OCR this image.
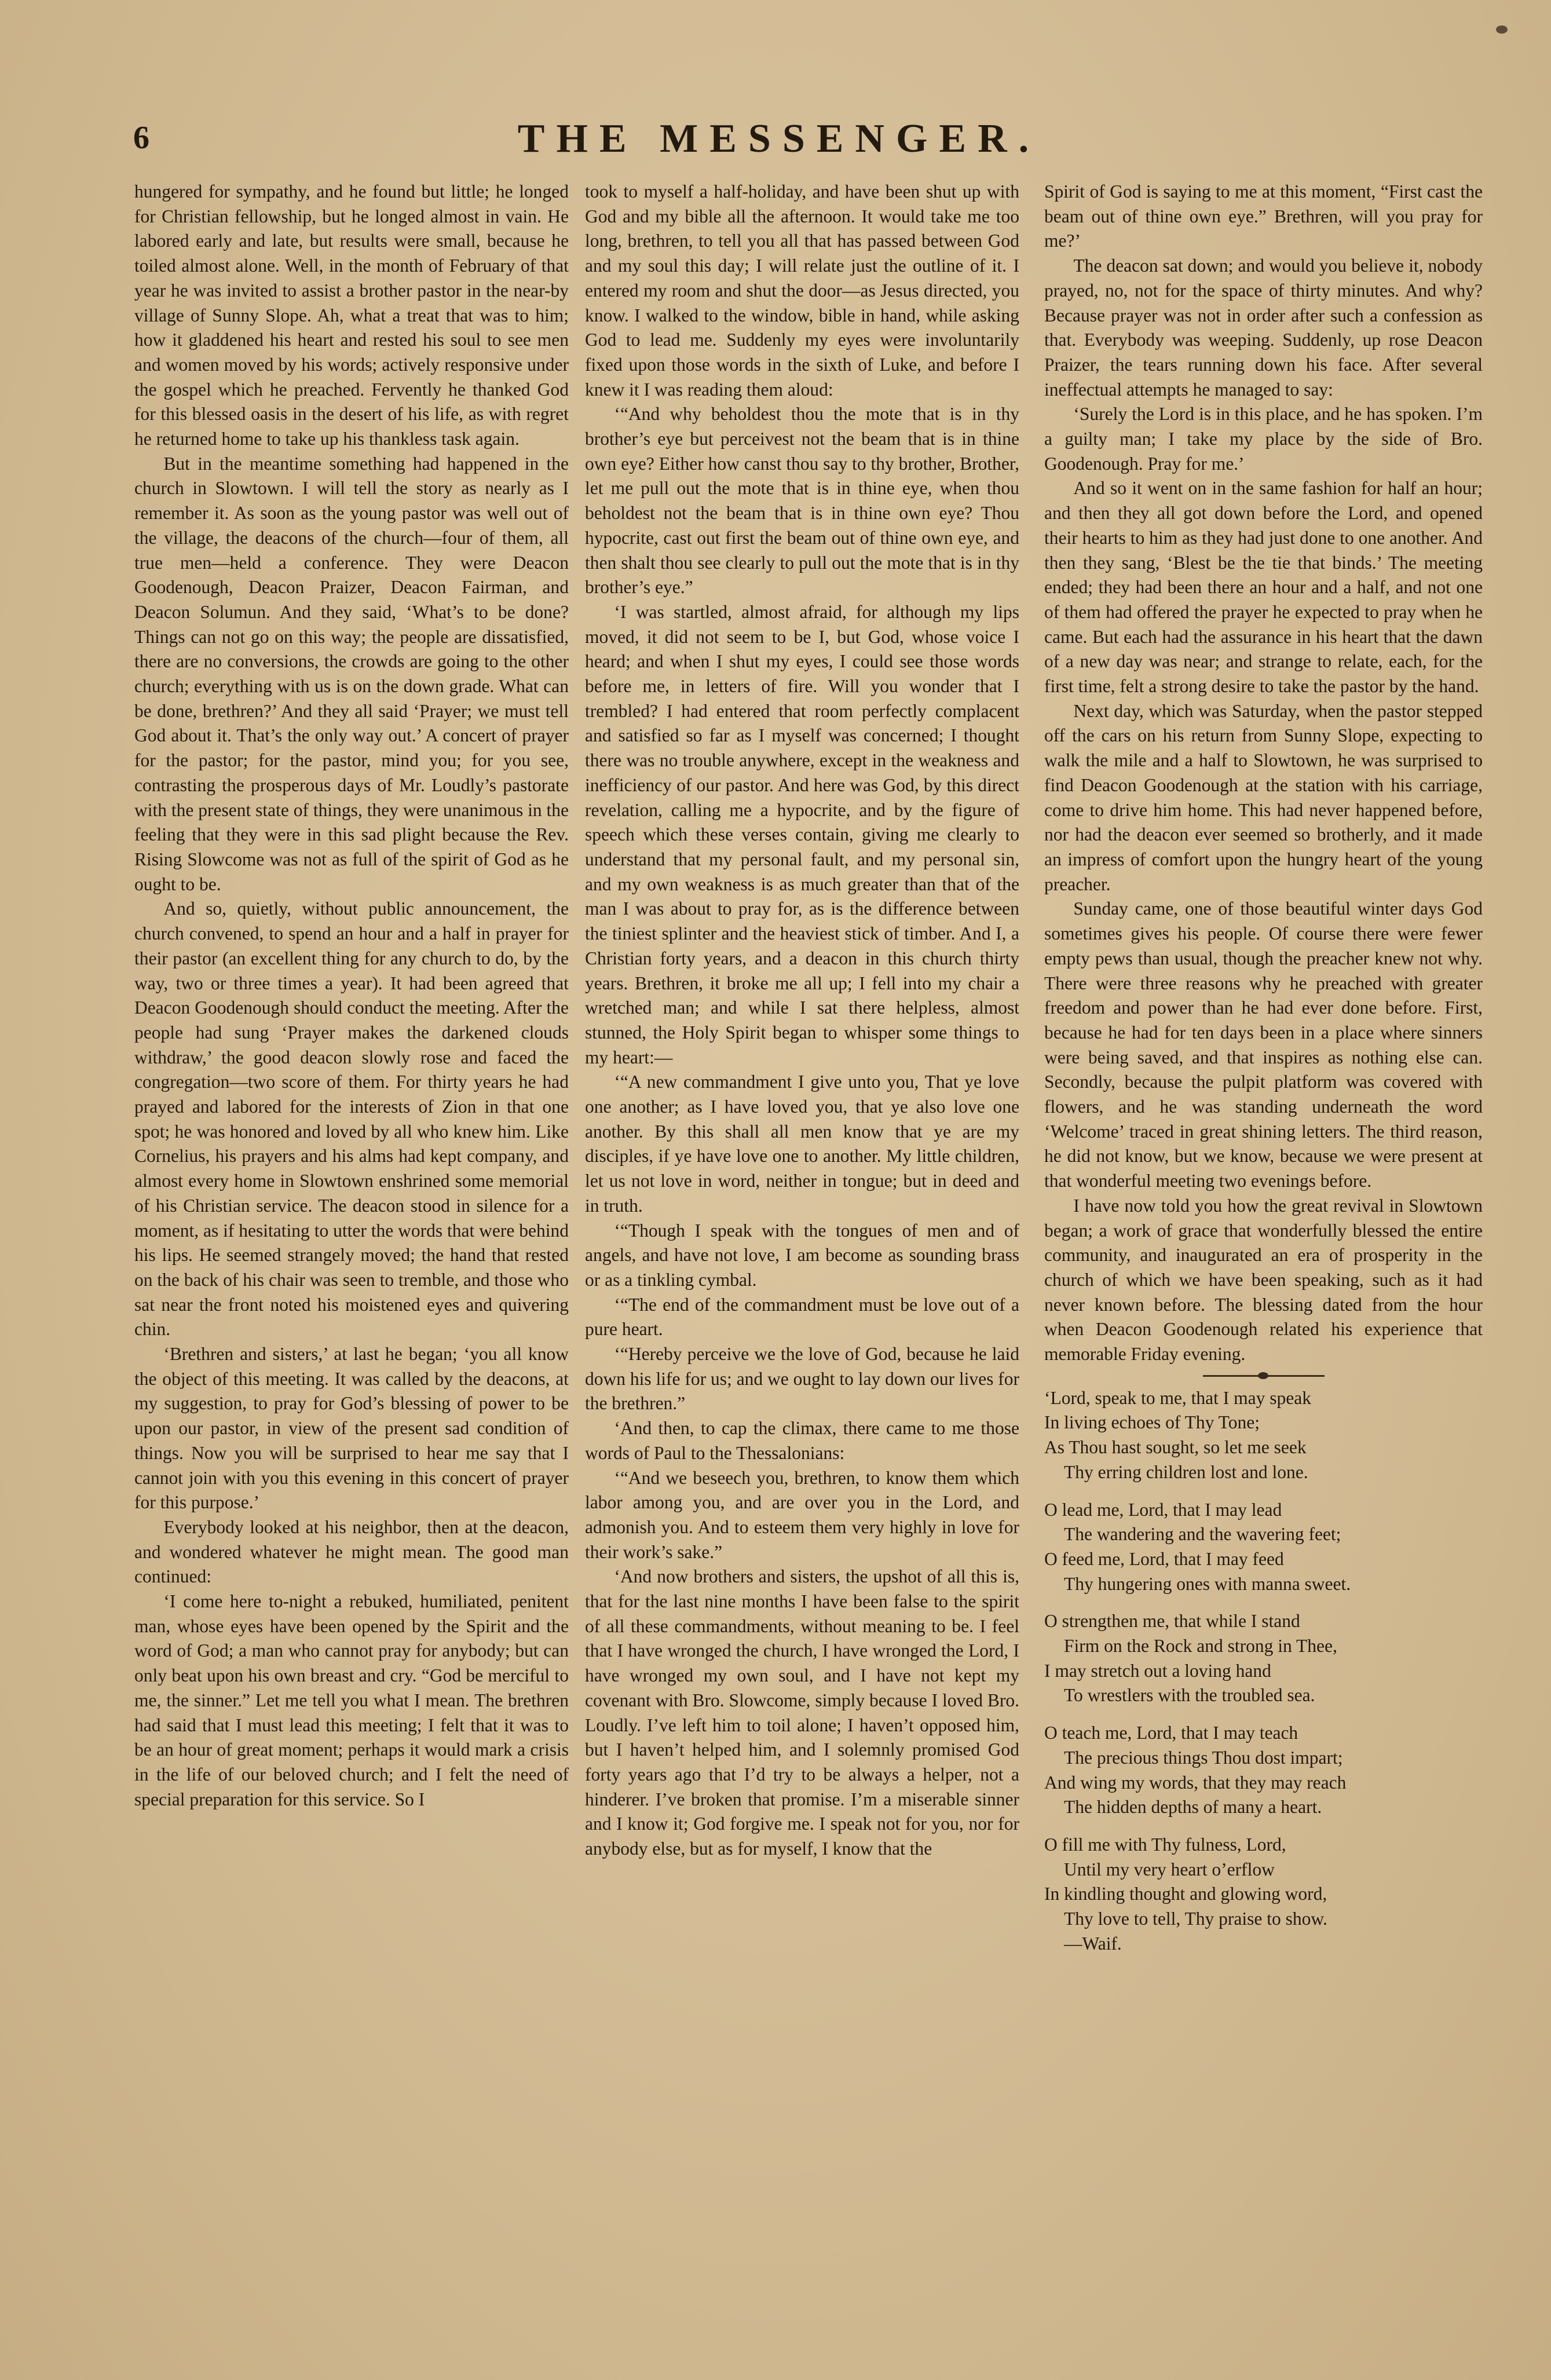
6	THE MESSENGER.

hungered for sympathy, and he found but little; he longed for Christian fellowship, but he longed almost in vain. He labored early and late, but results were small, because he toiled almost alone. Well, in the month of February of that year he was invited to assist a brother pastor in the near-by village of Sunny Slope. Ah, what a treat that was to him; how it gladdened his heart and rested his soul to see men and women moved by his words; actively responsive under the gospel which he preached. Fervently he thanked God for this blessed oasis in the desert of his life, as with regret he returned home to take up his thankless task again.

But in the meantime something had happened in the church in Slowtown. I will tell the story as nearly as I remember it. As soon as the young pastor was well out of the village, the deacons of the church—four of them, all true men—held a conference. They were Deacon Goodenough, Deacon Praizer, Deacon Fairman, and Deacon Solumun. And they said, ‘What’s to be done? Things can not go on this way; the people are dissatisfied, there are no conversions, the crowds are going to the other church; everything with us is on the down grade. What can be done, brethren?’ And they all said ‘Prayer; we must tell God about it. That’s the only way out.’ A concert of prayer for the pastor; for the pastor, mind you; for you see, contrasting the prosperous days of Mr. Loudly’s pastorate with the present state of things, they were unanimous in the feeling that they were in this sad plight because the Rev. Rising Slowcome was not as full of the spirit of God as he ought to be.

And so, quietly, without public announcement, the church convened, to spend an hour and a half in prayer for their pastor (an excellent thing for any church to do, by the way, two or three times a year). It had been agreed that Deacon Goodenough should conduct the meeting. After the people had sung ‘Prayer makes the darkened clouds withdraw,’ the good deacon slowly rose and faced the congregation—two score of them. For thirty years he had prayed and labored for the interests of Zion in that one spot; he was honored and loved by all who knew him. Like Cornelius, his prayers and his alms had kept company, and almost every home in Slowtown enshrined some memorial of his Christian service. The deacon stood in silence for a moment, as if hesitating to utter the words that were behind his lips. He seemed strangely moved; the hand that rested on the back of his chair was seen to tremble, and those who sat near the front noted his moistened eyes and quivering chin.

‘Brethren and sisters,’ at last he began; ‘you all know the object of this meeting. It was called by the deacons, at my suggestion, to pray for God’s blessing of power to be upon our pastor, in view of the present sad condition of things. Now you will be surprised to hear me say that I cannot join with you this evening in this concert of prayer for this purpose.’

Everybody looked at his neighbor, then at the deacon, and wondered whatever he might mean. The good man continued:

‘I come here to-night a rebuked, humiliated, penitent man, whose eyes have been opened by the Spirit and the word of God; a man who cannot pray for anybody; but can only beat upon his own breast and cry. “God be merciful to me, the sinner.” Let me tell you what I mean. The brethren had said that I must lead this meeting; I felt that it was to be an hour of great moment; perhaps it would mark a crisis in the life of our beloved church; and I felt the need of special preparation for this service. So I

took to myself a half-holiday, and have been shut up with God and my bible all the afternoon. It would take me too long, brethren, to tell you all that has passed between God and my soul this day; I will relate just the outline of it. I entered my room and shut the door—as Jesus directed, you know. I walked to the window, bible in hand, while asking God to lead me. Suddenly my eyes were involuntarily fixed upon those words in the sixth of Luke, and before I knew it I was reading them aloud:

‘“And why beholdest thou the mote that is in thy brother’s eye but perceivest not the beam that is in thine own eye? Either how canst thou say to thy brother, Brother, let me pull out the mote that is in thine eye, when thou beholdest not the beam that is in thine own eye? Thou hypocrite, cast out first the beam out of thine own eye, and then shalt thou see clearly to pull out the mote that is in thy brother’s eye.”

‘I was startled, almost afraid, for although my lips moved, it did not seem to be I, but God, whose voice I heard; and when I shut my eyes, I could see those words before me, in letters of fire. Will you wonder that I trembled? I had entered that room perfectly complacent and satisfied so far as I myself was concerned; I thought there was no trouble anywhere, except in the weakness and inefficiency of our pastor. And here was God, by this direct revelation, calling me a hypocrite, and by the figure of speech which these verses contain, giving me clearly to understand that my personal fault, and my personal sin, and my own weakness is as much greater than that of the man I was about to pray for, as is the difference between the tiniest splinter and the heaviest stick of timber. And I, a Christian forty years, and a deacon in this church thirty years. Brethren, it broke me all up; I fell into my chair a wretched man; and while I sat there helpless, almost stunned, the Holy Spirit began to whisper some things to my heart:—

‘“A new commandment I give unto you, That ye love one another; as I have loved you, that ye also love one another. By this shall all men know that ye are my disciples, if ye have love one to another. My little children, let us not love in word, neither in tongue; but in deed and in truth.

‘“Though I speak with the tongues of men and of angels, and have not love, I am become as sounding brass or as a tinkling cymbal.

‘“The end of the commandment must be love out of a pure heart.

‘“Hereby perceive we the love of God, because he laid down his life for us; and we ought to lay down our lives for the brethren.”

‘And then, to cap the climax, there came to me those words of Paul to the Thessalonians:

‘“And we beseech you, brethren, to know them which labor among you, and are over you in the Lord, and admonish you. And to esteem them very highly in love for their work’s sake.”

‘And now brothers and sisters, the upshot of all this is, that for the last nine months I have been false to the spirit of all these commandments, without meaning to be. I feel that I have wronged the church, I have wronged the Lord, I have wronged my own soul, and I have not kept my covenant with Bro. Slowcome, simply because I loved Bro. Loudly. I’ve left him to toil alone; I haven’t opposed him, but I haven’t helped him, and I solemnly promised God forty years ago that I’d try to be always a helper, not a hinderer. I’ve broken that promise. I’m a miserable sinner and I know it; God forgive me. I speak not for you, nor for anybody else, but as for myself, I know that the

Spirit of God is saying to me at this moment, “First cast the beam out of thine own eye.” Brethren, will you pray for me?’

The deacon sat down; and would you believe it, nobody prayed, no, not for the space of thirty minutes. And why? Because prayer was not in order after such a confession as that. Everybody was weeping. Suddenly, up rose Deacon Praizer, the tears running down his face. After several ineffectual attempts he managed to say:

‘Surely the Lord is in this place, and he has spoken. I’m a guilty man; I take my place by the side of Bro. Goodenough. Pray for me.’

And so it went on in the same fashion for half an hour; and then they all got down before the Lord, and opened their hearts to him as they had just done to one another. And then they sang, ‘Blest be the tie that binds.’ The meeting ended; they had been there an hour and a half, and not one of them had offered the prayer he expected to pray when he came. But each had the assurance in his heart that the dawn of a new day was near; and strange to relate, each, for the first time, felt a strong desire to take the pastor by the hand.

Next day, which was Saturday, when the pastor stepped off the cars on his return from Sunny Slope, expecting to walk the mile and a half to Slowtown, he was surprised to find Deacon Goodenough at the station with his carriage, come to drive him home. This had never happened before, nor had the deacon ever seemed so brotherly, and it made an impress of comfort upon the hungry heart of the young preacher.

Sunday came, one of those beautiful winter days God sometimes gives his people. Of course there were fewer empty pews than usual, though the preacher knew not why. There were three reasons why he preached with greater freedom and power than he had ever done before. First, because he had for ten days been in a place where sinners were being saved, and that inspires as nothing else can. Secondly, because the pulpit platform was covered with flowers, and he was standing underneath the word ‘Welcome’ traced in great shining letters. The third reason, he did not know, but we know, because we were present at that wonderful meeting two evenings before.

I have now told you how the great revival in Slowtown began; a work of grace that wonderfully blessed the entire community, and inaugurated an era of prosperity in the church of which we have been speaking, such as it had never known before. The blessing dated from the hour when Deacon Goodenough related his experience that memorable Friday evening.

‘Lord, speak to me, that I may speak
In living echoes of Thy Tone;
As Thou hast sought, so let me seek
Thy erring children lost and lone.
O lead me, Lord, that I may lead
The wandering and the wavering feet;
O feed me, Lord, that I may feed
Thy hungering ones with manna sweet.
O strengthen me, that while I stand
Firm on the Rock and strong in Thee,
I may stretch out a loving hand
To wrestlers with the troubled sea.
O teach me, Lord, that I may teach
The precious things Thou dost impart;
And wing my words, that they may reach
The hidden depths of many a heart.
O fill me with Thy fulness, Lord,
Until my very heart o’erflow
In kindling thought and glowing word,
Thy love to tell, Thy praise to show.
—Waif.
